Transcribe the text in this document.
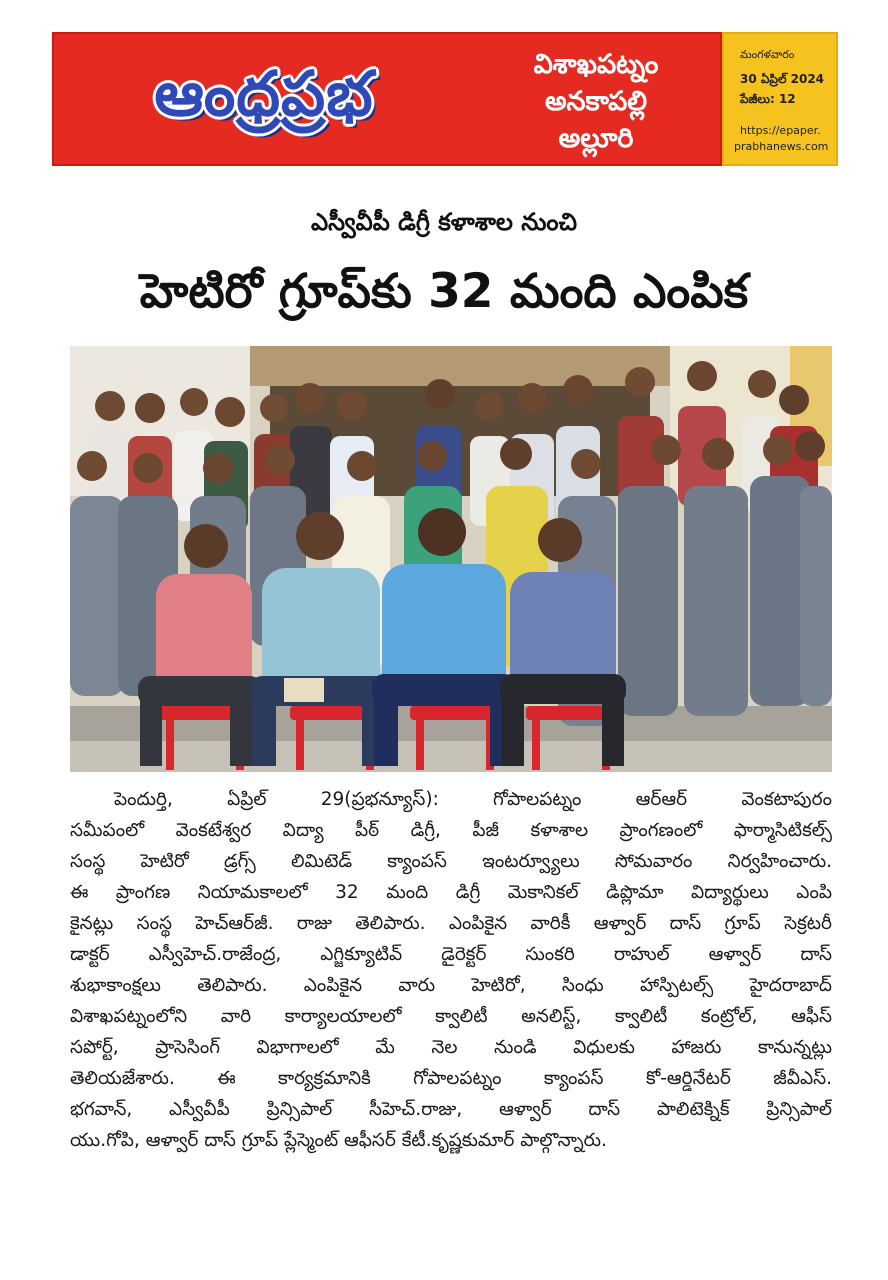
ఆంధ్రప్రభ	విశాఖపట్నం
అనకాపల్లి
అల్లూరి
మంగళవారం
30 ఏప్రిల్ 2024
పేజీలు: 12
https://epaper.
prabhanews.com
ఎస్వీవీపీ డిగ్రీ కళాశాల నుంచి
హెటిరో గ్రూప్‌కు 32 మంది ఎంపిక
పెందుర్తి, ఏప్రిల్ 29(ప్రభన్యూస్): గోపాలపట్నం ఆర్ఆర్ వెంకటాపురం
సమీపంలో వెంకటేశ్వర విద్యా పీఠ్ డిగ్రీ, పీజీ కళాశాల ప్రాంగణంలో ఫార్మాసిటికల్స్
సంస్థ హెటిరో డ్రగ్స్ లిమిటెడ్ క్యాంపస్ ఇంటర్వ్యూలు సోమవారం నిర్వహించారు.
ఈ ప్రాంగణ నియామకాలలో 32 మంది డిగ్రీ మెకానికల్ డిప్లొమా విద్యార్థులు ఎంపి
కైనట్లు సంస్థ హెచ్ఆర్‌జీ. రాజు తెలిపారు. ఎంపికైన వారికీ ఆళ్వార్ దాస్ గ్రూప్ సెక్రటరీ
డాక్టర్ ఎస్వీహెచ్.రాజేంద్ర, ఎగ్జిక్యూటివ్ డైరెక్టర్ సుంకరి రాహుల్ ఆళ్వార్ దాస్
శుభాకాంక్షలు తెలిపారు. ఎంపికైన వారు హెటిరో, సింధు హాస్పిటల్స్ హైదరాబాద్
విశాఖపట్నంలోని వారి కార్యాలయాలలో క్వాలిటీ అనలిస్ట్, క్వాలిటీ కంట్రోల్, ఆఫీస్
సపోర్ట్, ప్రాసెసింగ్ విభాగాలలో మే నెల నుండి విధులకు హాజరు కానున్నట్లు
తెలియజేశారు. ఈ కార్యక్రమానికి గోపాలపట్నం క్యాంపస్ కో-ఆర్డినేటర్ జీవీఎస్.
భగవాన్, ఎస్వీవీపీ ప్రిన్సిపాల్ సీహెచ్.రాజు, ఆళ్వార్ దాస్ పాలిటెక్నిక్ ప్రిన్సిపాల్
యు.గోపి, ఆళ్వార్ దాస్ గ్రూప్ ప్లేస్మెంట్ ఆఫీసర్ కేటీ.కృష్ణకుమార్ పాల్గొన్నారు.
